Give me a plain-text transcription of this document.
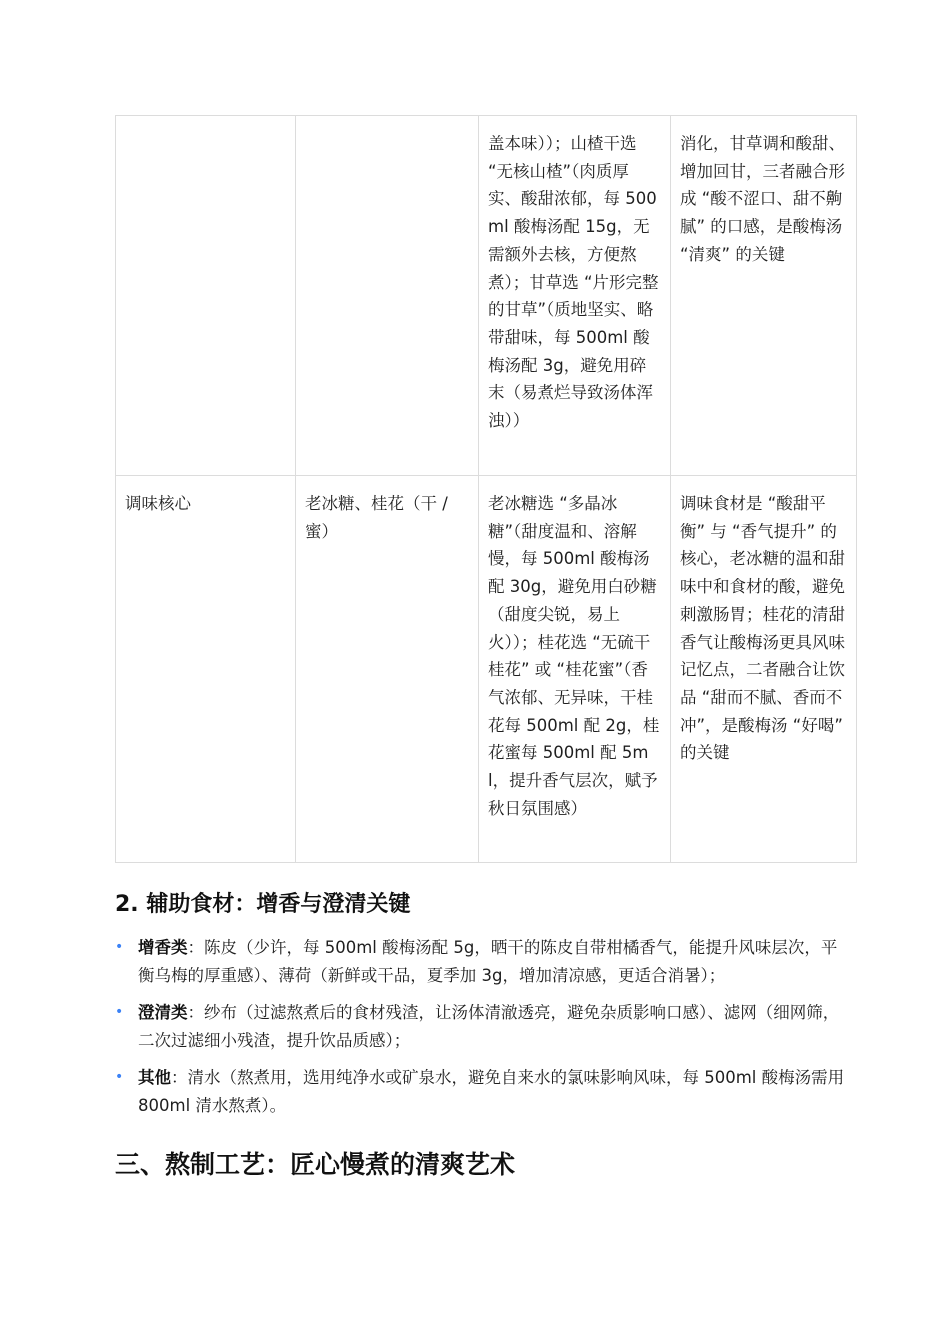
		盖本味））；山楂干选 “无核山楂”（肉质厚实、酸甜浓郁，每 500ml 酸梅汤配 15g，无需额外去核，方便熬煮）；甘草选 “片形完整的甘草”（质地坚实、略带甜味，每 500ml 酸梅汤配 3g，避免用碎末（易煮烂导致汤体浑浊））	消化，甘草调和酸甜、增加回甘，三者融合形成 “酸不涩口、甜不齁腻” 的口感，是酸梅汤 “清爽” 的关键
调味核心	老冰糖、桂花（干 / 蜜）	老冰糖选 “多晶冰糖”（甜度温和、溶解慢，每 500ml 酸梅汤配 30g，避免用白砂糖（甜度尖锐，易上火））；桂花选 “无硫干桂花” 或 “桂花蜜”（香气浓郁、无异味，干桂花每 500ml 配 2g，桂花蜜每 500ml 配 5ml，提升香气层次，赋予秋日氛围感）	调味食材是 “酸甜平衡” 与 “香气提升” 的核心，老冰糖的温和甜味中和食材的酸，避免刺激肠胃；桂花的清甜香气让酸梅汤更具风味记忆点，二者融合让饮品 “甜而不腻、香而不冲”，是酸梅汤 “好喝” 的关键
2. 辅助食材：增香与澄清关键
• 增香类：陈皮（少许，每 500ml 酸梅汤配 5g，晒干的陈皮自带柑橘香气，能提升风味层次，平衡乌梅的厚重感）、薄荷（新鲜或干品，夏季加 3g，增加清凉感，更适合消暑）；
• 澄清类：纱布（过滤熬煮后的食材残渣，让汤体清澈透亮，避免杂质影响口感）、滤网（细网筛，二次过滤细小残渣，提升饮品质感）；
• 其他：清水（熬煮用，选用纯净水或矿泉水，避免自来水的氯味影响风味，每 500ml 酸梅汤需用 800ml 清水熬煮）。
三、熬制工艺：匠心慢煮的清爽艺术
